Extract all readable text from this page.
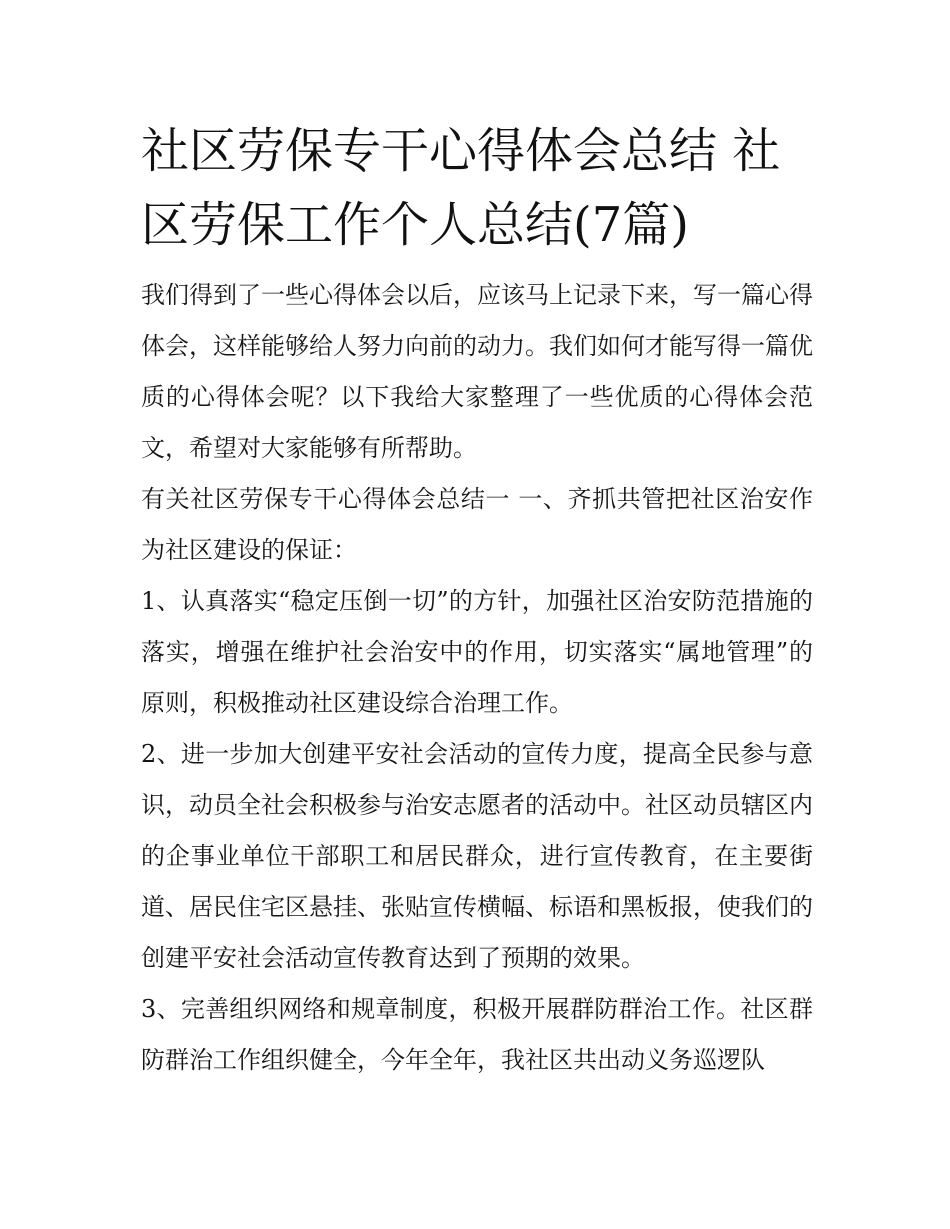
社区劳保专干心得体会总结 社区劳保工作个人总结(7篇)

我们得到了一些心得体会以后，应该马上记录下来，写一篇心得体会，这样能够给人努力向前的动力。我们如何才能写得一篇优质的心得体会呢？以下我给大家整理了一些优质的心得体会范文，希望对大家能够有所帮助。

有关社区劳保专干心得体会总结一 一、齐抓共管把社区治安作为社区建设的保证：

1、认真落实“稳定压倒一切”的方针，加强社区治安防范措施的落实，增强在维护社会治安中的作用，切实落实“属地管理”的原则，积极推动社区建设综合治理工作。

2、进一步加大创建平安社会活动的宣传力度，提高全民参与意识，动员全社会积极参与治安志愿者的活动中。社区动员辖区内的企事业单位干部职工和居民群众，进行宣传教育，在主要街道、居民住宅区悬挂、张贴宣传横幅、标语和黑板报，使我们的创建平安社会活动宣传教育达到了预期的效果。

3、完善组织网络和规章制度，积极开展群防群治工作。社区群防群治工作组织健全，今年全年，我社区共出动义务巡逻队
